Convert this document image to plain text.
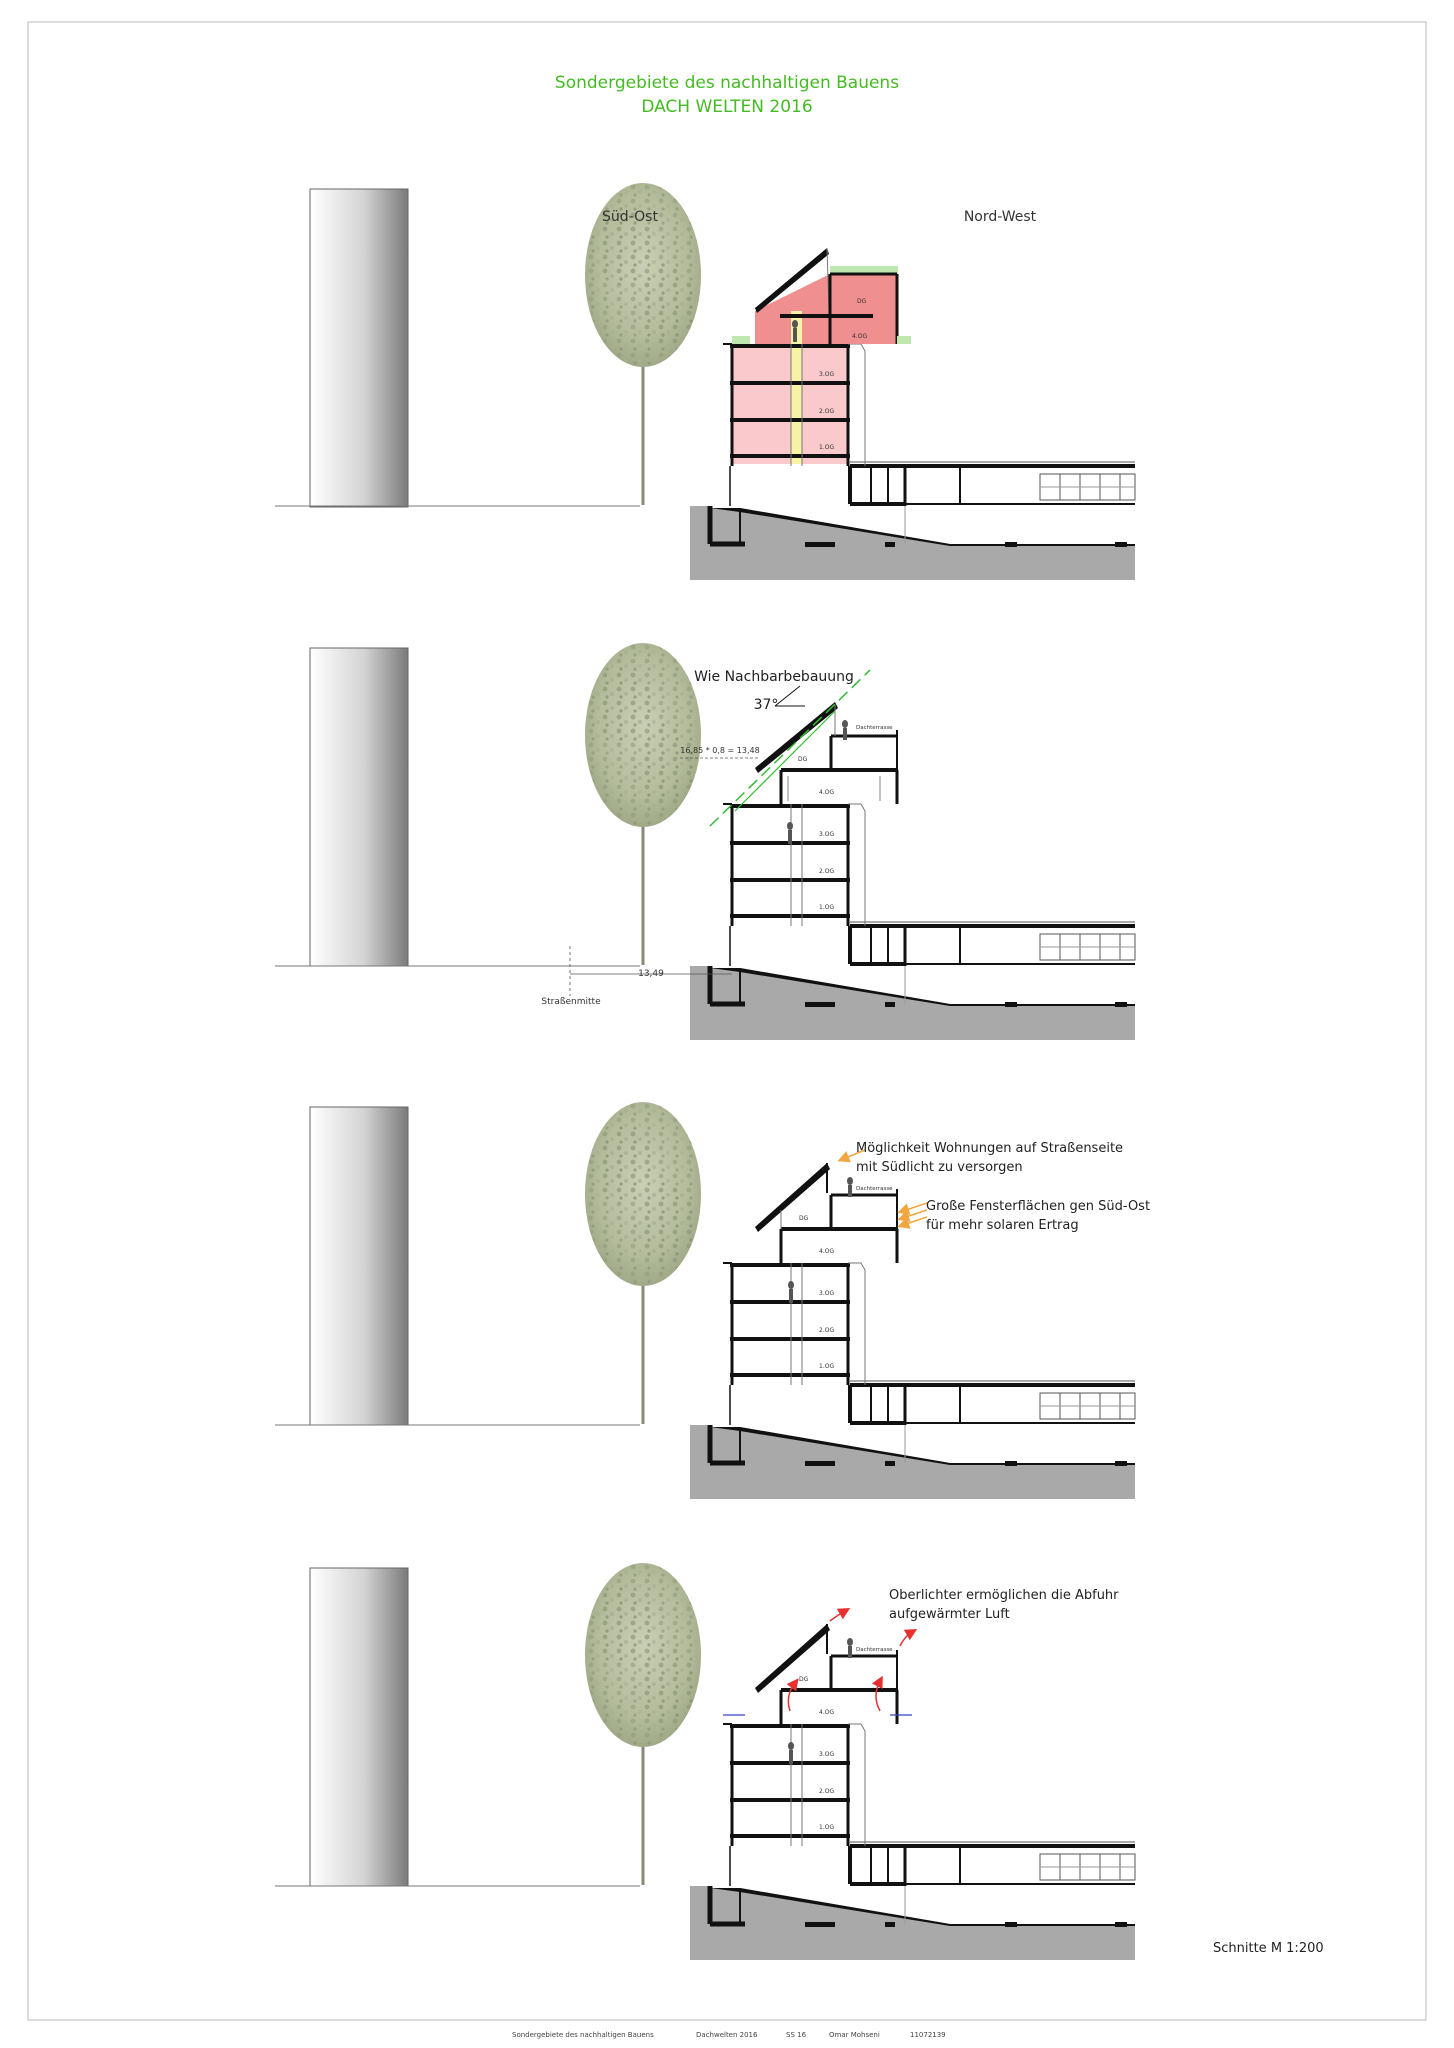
Sondergebiete des nachhaltigen Bauens
DACH WELTEN 2016
Süd-Ost	Nord-West
DG
4.OG
3.OG
2.OG
1.OG
DG
Dachterrasse
4.OG
3.OG
2.OG
1.OG
Wie Nachbarbebauung
37°
16,85 * 0,8 = 13,48
13,49
Straßenmitte
DG
Dachterrasse
4.OG
3.OG
2.OG
1.OG
Möglichkeit Wohnungen auf Straßenseite
mit Südlicht zu versorgen
Große Fensterflächen gen Süd-Ost
für mehr solaren Ertrag
DG
Dachterrasse
4.OG
3.OG
2.OG
1.OG
Oberlichter ermöglichen die Abfuhr
aufgewärmter Luft
Schnitte M 1:200
Sondergebiete des nachhaltigen Bauens	Dachwelten 2016	SS 16	Omar Mohseni	11072139
